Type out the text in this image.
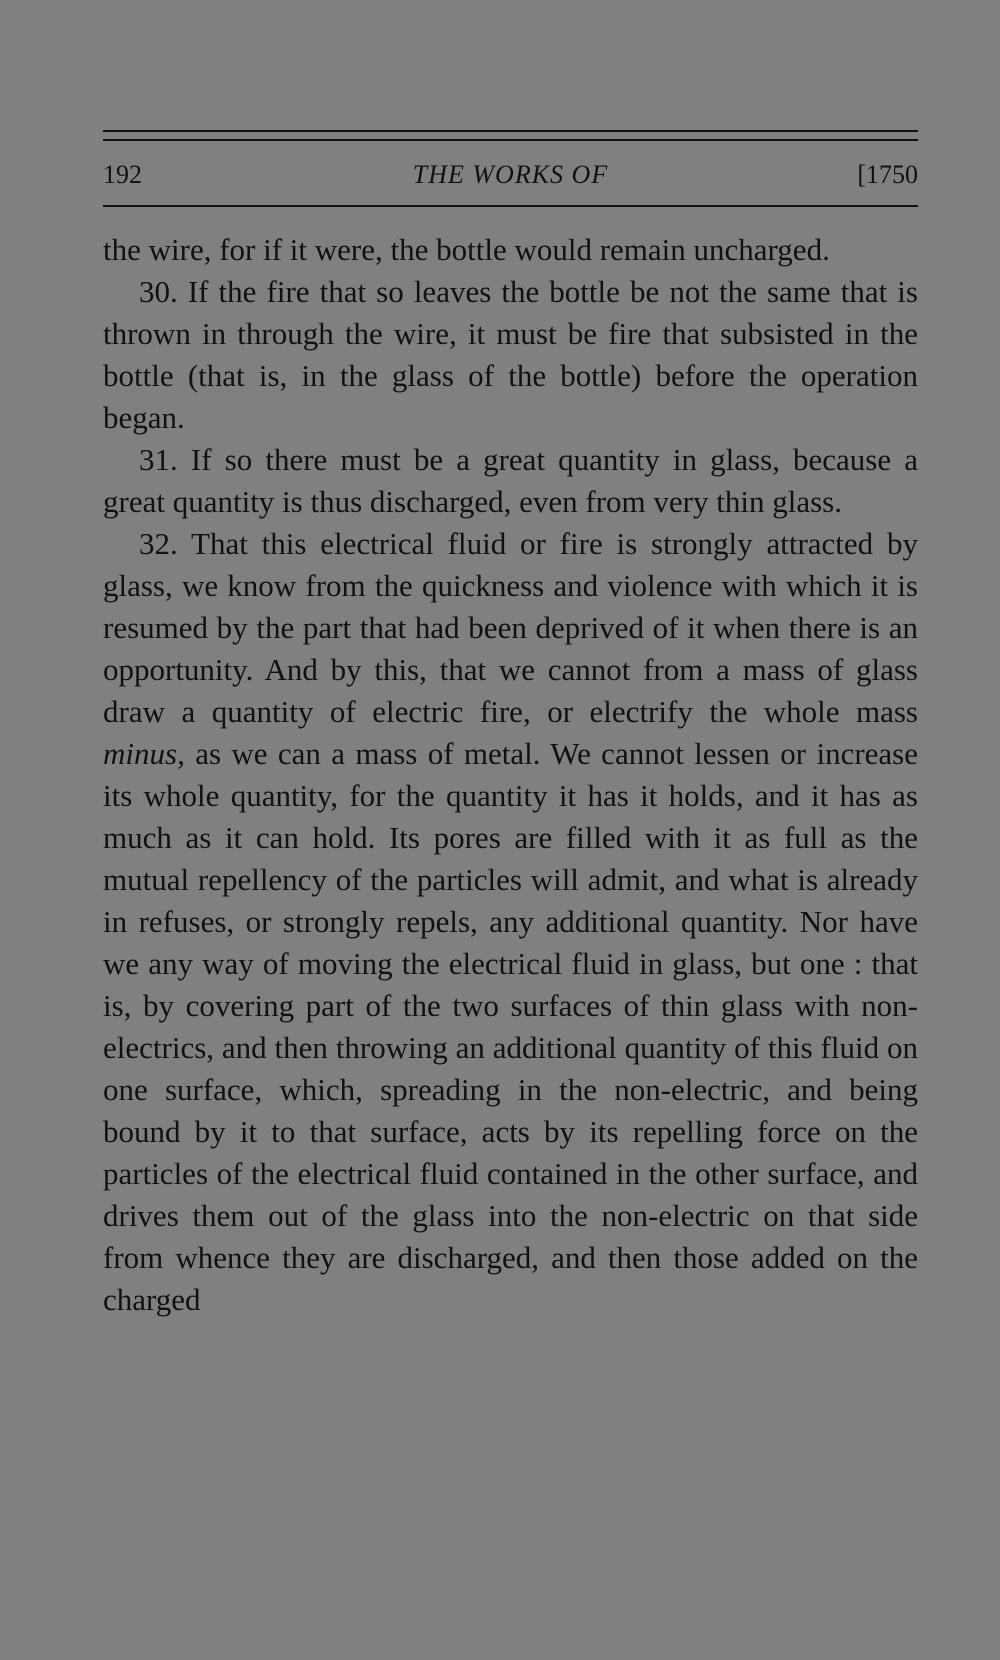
192	THE WORKS OF	[1750

the wire, for if it were, the bottle would remain uncharged.

30. If the fire that so leaves the bottle be not the same that is thrown in through the wire, it must be fire that subsisted in the bottle (that is, in the glass of the bottle) before the operation began.

31. If so there must be a great quantity in glass, because a great quantity is thus discharged, even from very thin glass.

32. That this electrical fluid or fire is strongly attracted by glass, we know from the quickness and violence with which it is resumed by the part that had been deprived of it when there is an opportunity. And by this, that we cannot from a mass of glass draw a quantity of electric fire, or electrify the whole mass minus, as we can a mass of metal. We cannot lessen or increase its whole quantity, for the quantity it has it holds, and it has as much as it can hold. Its pores are filled with it as full as the mutual repellency of the particles will admit, and what is already in refuses, or strongly repels, any additional quantity. Nor have we any way of moving the electrical fluid in glass, but one : that is, by covering part of the two surfaces of thin glass with non-electrics, and then throwing an additional quantity of this fluid on one surface, which, spreading in the non-electric, and being bound by it to that surface, acts by its repelling force on the particles of the electrical fluid contained in the other surface, and drives them out of the glass into the non-electric on that side from whence they are discharged, and then those added on the charged
